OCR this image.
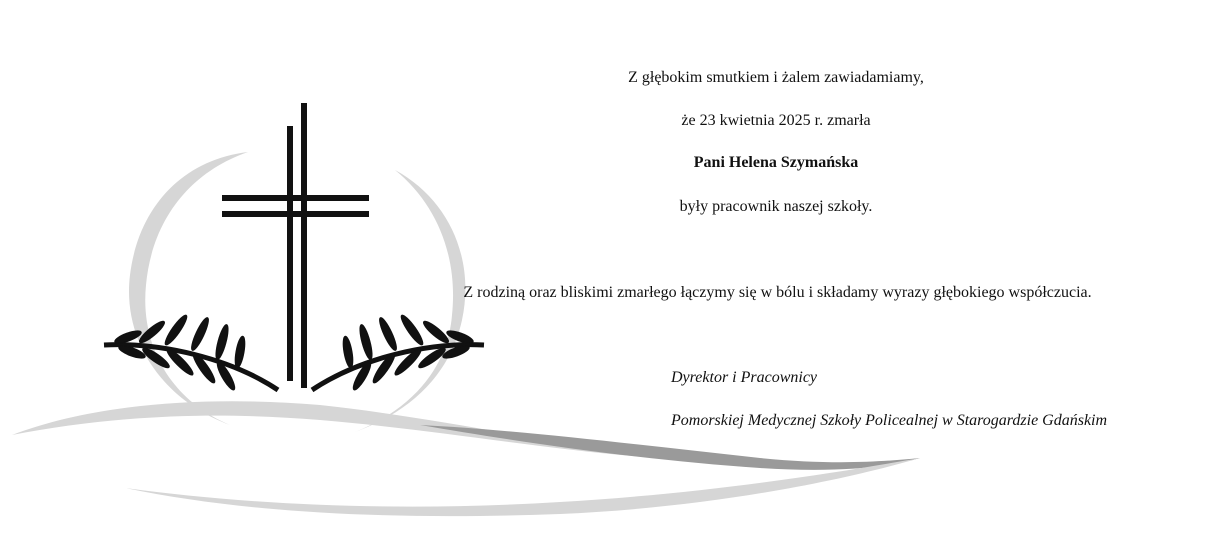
Z głębokim smutkiem i żalem zawiadamiamy,
że 23 kwietnia 2025 r. zmarła
Pani Helena Szymańska
były pracownik naszej szkoły.
Z rodziną oraz bliskimi zmarłego łączymy się w bólu i składamy wyrazy głębokiego współczucia.
Dyrektor i Pracownicy
Pomorskiej Medycznej Szkoły Policealnej w Starogardzie Gdańskim
